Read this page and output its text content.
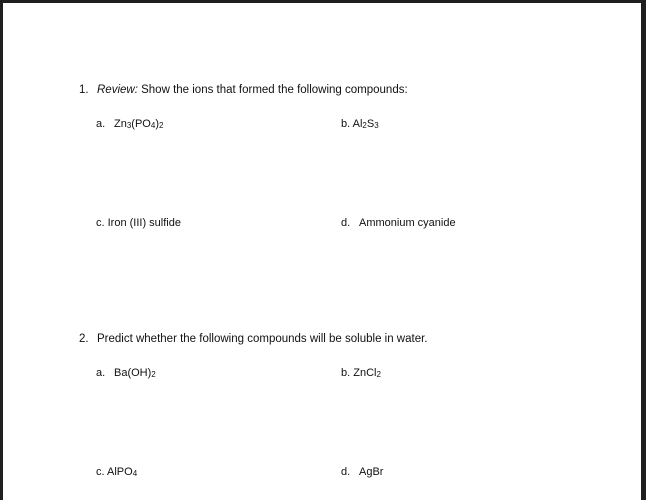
1. Review: Show the ions that formed the following compounds:
a. $Zn_3(PO_4)_2$	b. $Al_2S_3$
c. Iron (III) sulfide	d. Ammonium cyanide
2. Predict whether the following compounds will be soluble in water.
a. $Ba(OH)_2$	b. ZnCl$_2$
c. AlPO$_4$	d. AgBr
